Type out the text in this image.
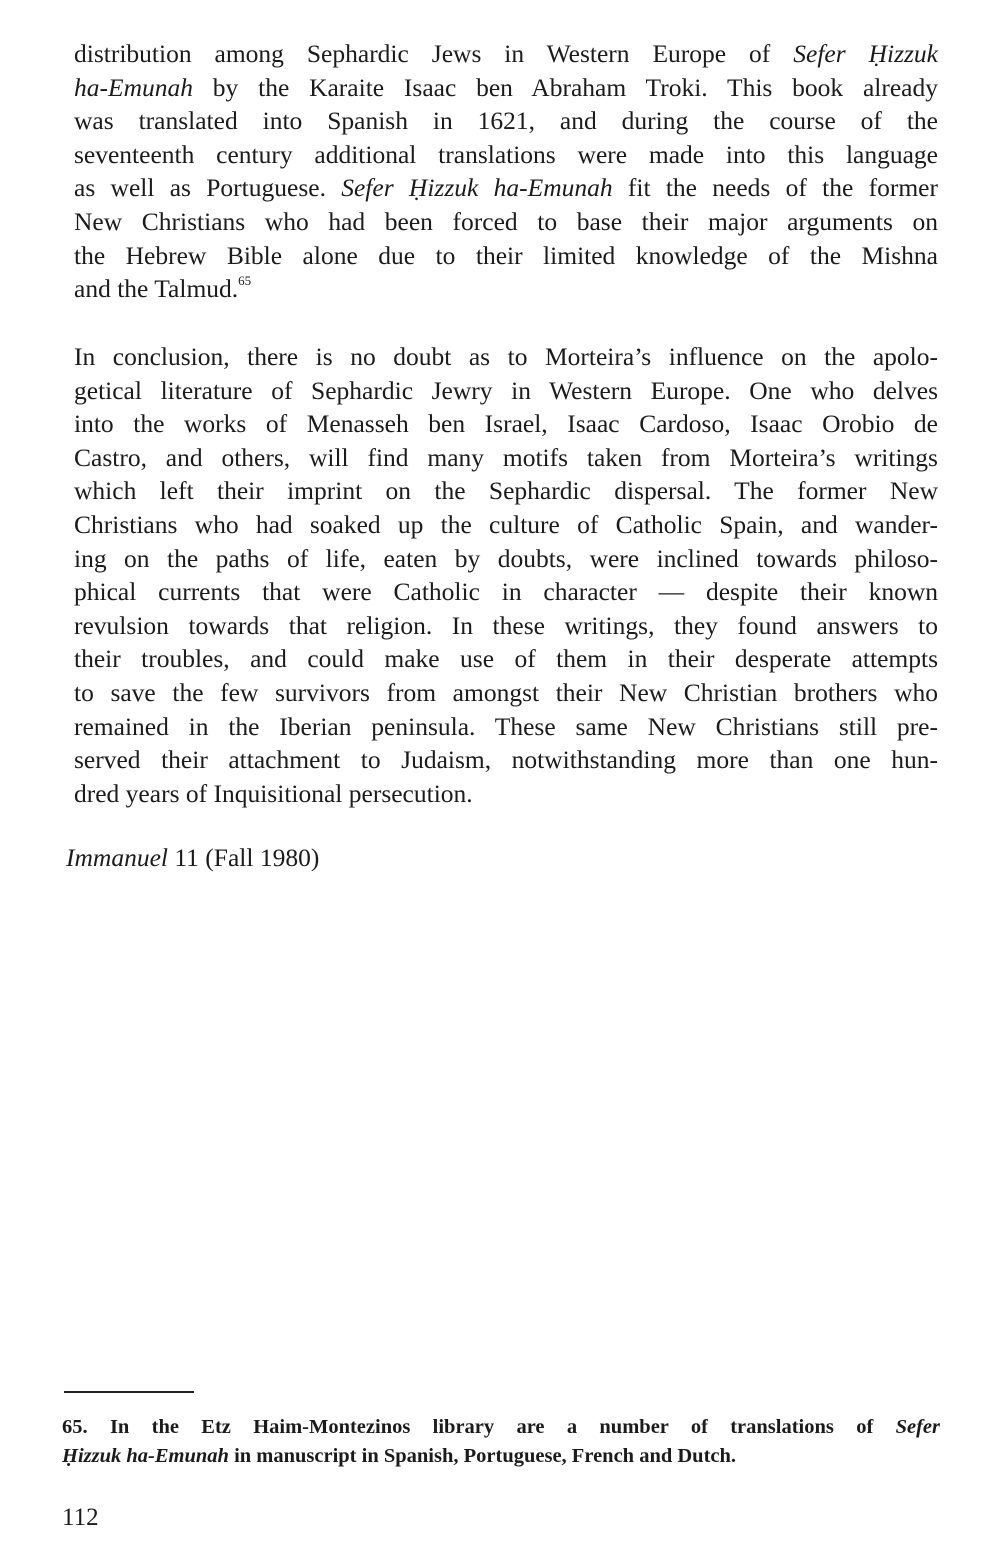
distribution among Sephardic Jews in Western Europe of Sefer Ḥizzuk
ha-Emunah by the Karaite Isaac ben Abraham Troki. This book already
was translated into Spanish in 1621, and during the course of the
seventeenth century additional translations were made into this language
as well as Portuguese. Sefer Ḥizzuk ha-Emunah fit the needs of the former
New Christians who had been forced to base their major arguments on
the Hebrew Bible alone due to their limited knowledge of the Mishna
and the Talmud.$^{65}$
In conclusion, there is no doubt as to Morteira’s influence on the apolo-
getical literature of Sephardic Jewry in Western Europe. One who delves
into the works of Menasseh ben Israel, Isaac Cardoso, Isaac Orobio de
Castro, and others, will find many motifs taken from Morteira’s writings
which left their imprint on the Sephardic dispersal. The former New
Christians who had soaked up the culture of Catholic Spain, and wander-
ing on the paths of life, eaten by doubts, were inclined towards philoso-
phical currents that were Catholic in character — despite their known
revulsion towards that religion. In these writings, they found answers to
their troubles, and could make use of them in their desperate attempts
to save the few survivors from amongst their New Christian brothers who
remained in the Iberian peninsula. These same New Christians still pre-
served their attachment to Judaism, notwithstanding more than one hun-
dred years of Inquisitional persecution.
Immanuel 11 (Fall 1980)
65. In the Etz Haim-Montezinos library are a number of translations of Sefer
Ḥizzuk ha-Emunah in manuscript in Spanish, Portuguese, French and Dutch.
112
